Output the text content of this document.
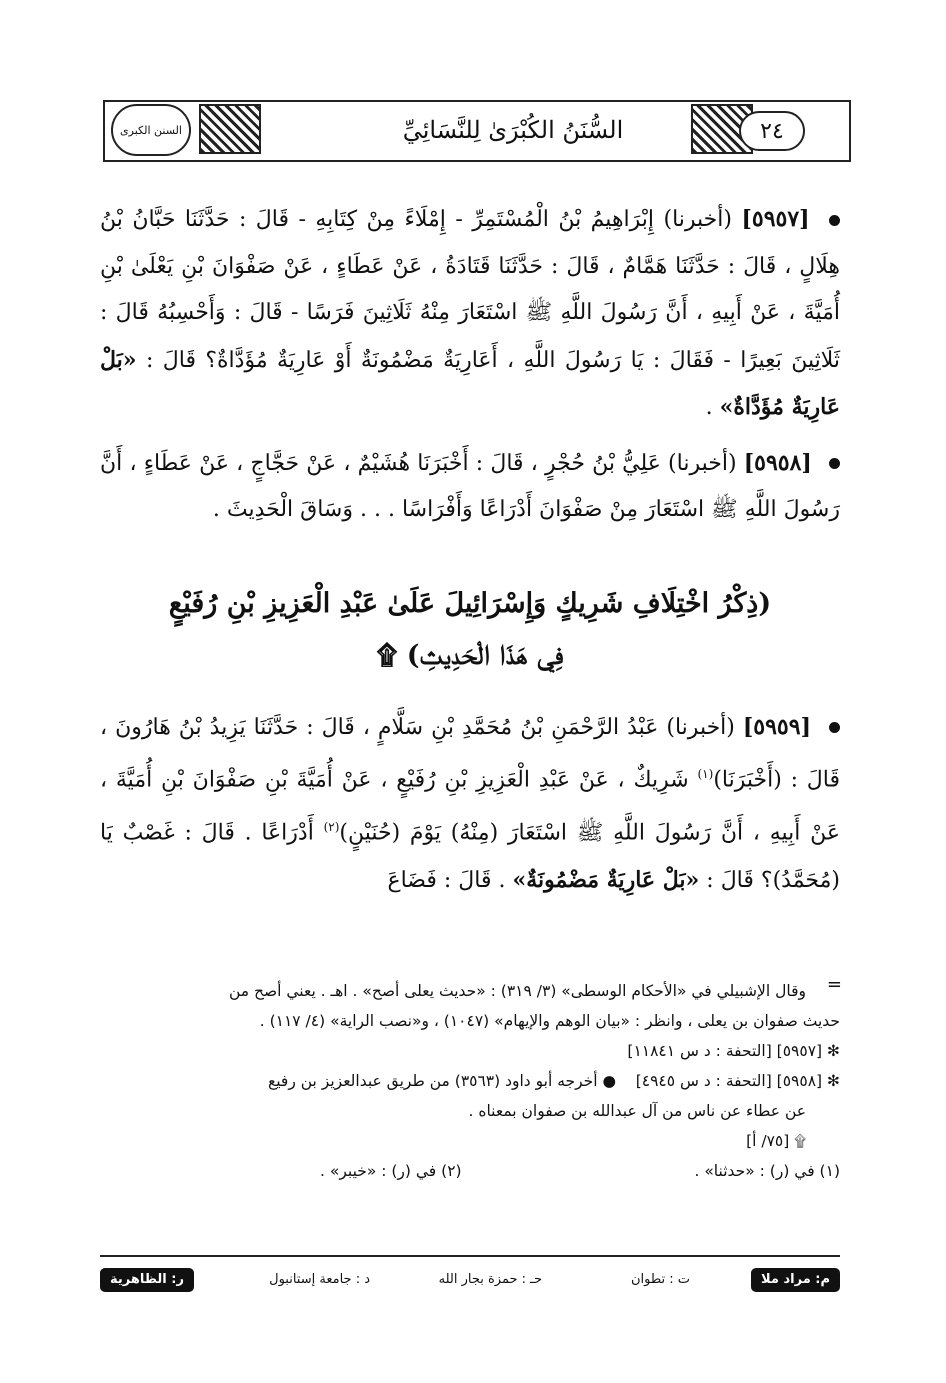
السنن الكبرى	السُّنَنُ الكُبْرَىٰ لِلنَّسَائِيِّ	٢٤

[٥٩٥٧] (أخبرنا) إِبْرَاهِيمُ بْنُ الْمُسْتَمِرِّ - إِمْلَاءً مِنْ كِتَابِهِ - قَالَ : حَدَّثَنَا حَبَّانُ بْنُ هِلَالٍ ، قَالَ : حَدَّثَنَا هَمَّامٌ ، قَالَ : حَدَّثَنَا قَتَادَةُ ، عَنْ عَطَاءٍ ، عَنْ صَفْوَانَ بْنِ يَعْلَىٰ بْنِ أُمَيَّةَ ، عَنْ أَبِيهِ ، أَنَّ رَسُولَ اللَّهِ ﷺ اسْتَعَارَ مِنْهُ ثَلَاثِينَ فَرَسًا - قَالَ : وَأَحْسِبُهُ قَالَ : ثَلَاثِينَ بَعِيرًا - فَقَالَ : يَا رَسُولَ اللَّهِ ، أَعَارِيَةٌ مَضْمُونَةٌ أَوْ عَارِيَةٌ مُؤَدَّاةٌ؟ قَالَ : «بَلْ عَارِيَةٌ مُؤَدَّاةٌ» .

[٥٩٥٨] (أخبرنا) عَلِيُّ بْنُ حُجْرٍ ، قَالَ : أَخْبَرَنَا هُشَيْمٌ ، عَنْ حَجَّاجٍ ، عَنْ عَطَاءٍ ، أَنَّ رَسُولَ اللَّهِ ﷺ اسْتَعَارَ مِنْ صَفْوَانَ أَدْرَاعًا وَأَفْرَاسًا . . . وَسَاقَ الْحَدِيثَ .

(ذِكْرُ اخْتِلَافِ شَرِيكٍ وَإِسْرَائِيلَ عَلَىٰ عَبْدِ الْعَزِيزِ بْنِ رُفَيْعٍ

فِي هَذَا الْحَدِيثِ) ۩

[٥٩٥٩] (أخبرنا) عَبْدُ الرَّحْمَنِ بْنُ مُحَمَّدِ بْنِ سَلَّامٍ ، قَالَ : حَدَّثَنَا يَزِيدُ بْنُ هَارُونَ ، قَالَ : (أَخْبَرَنَا)$^{(١)}$ شَرِيكٌ ، عَنْ عَبْدِ الْعَزِيزِ بْنِ رُفَيْعٍ ، عَنْ أُمَيَّةَ بْنِ صَفْوَانَ بْنِ أُمَيَّةَ ، عَنْ أَبِيهِ ، أَنَّ رَسُولَ اللَّهِ ﷺ اسْتَعَارَ (مِنْهُ) يَوْمَ (حُنَيْنٍ)$^{(٢)}$ أَدْرَاعًا . قَالَ : غَصْبٌ يَا (مُحَمَّدُ)؟ قَالَ : «بَلْ عَارِيَةٌ مَضْمُونَةٌ» . قَالَ : فَضَاعَ

=

وقال الإشبيلي في «الأحكام الوسطى» (٣/ ٣١٩) : «حديث يعلى أصح» . اهـ . يعني أصح من

حديث صفوان بن يعلى ، وانظر : «بيان الوهم والإيهام» (١٠٤٧) ، و«نصب الراية» (٤/ ١١٧) .

✻ [٥٩٥٧] [التحفة : د س ١١٨٤١]

✻ [٥٩٥٨] [التحفة : د س ٤٩٤٥]    ● أخرجه أبو داود (٣٥٦٣) من طريق عبدالعزيز بن رفيع

عن عطاء عن ناس من آل عبدالله بن صفوان بمعناه .

۩ [٧٥/ أ]

(١) في (ر) : «حدثنا» .
(٢) في (ر) : «خيبر» .
م: مراد ملا
ت : تطوان
حـ : حمزة بجار الله
د : جامعة إستانبول
ر: الظاهرية
